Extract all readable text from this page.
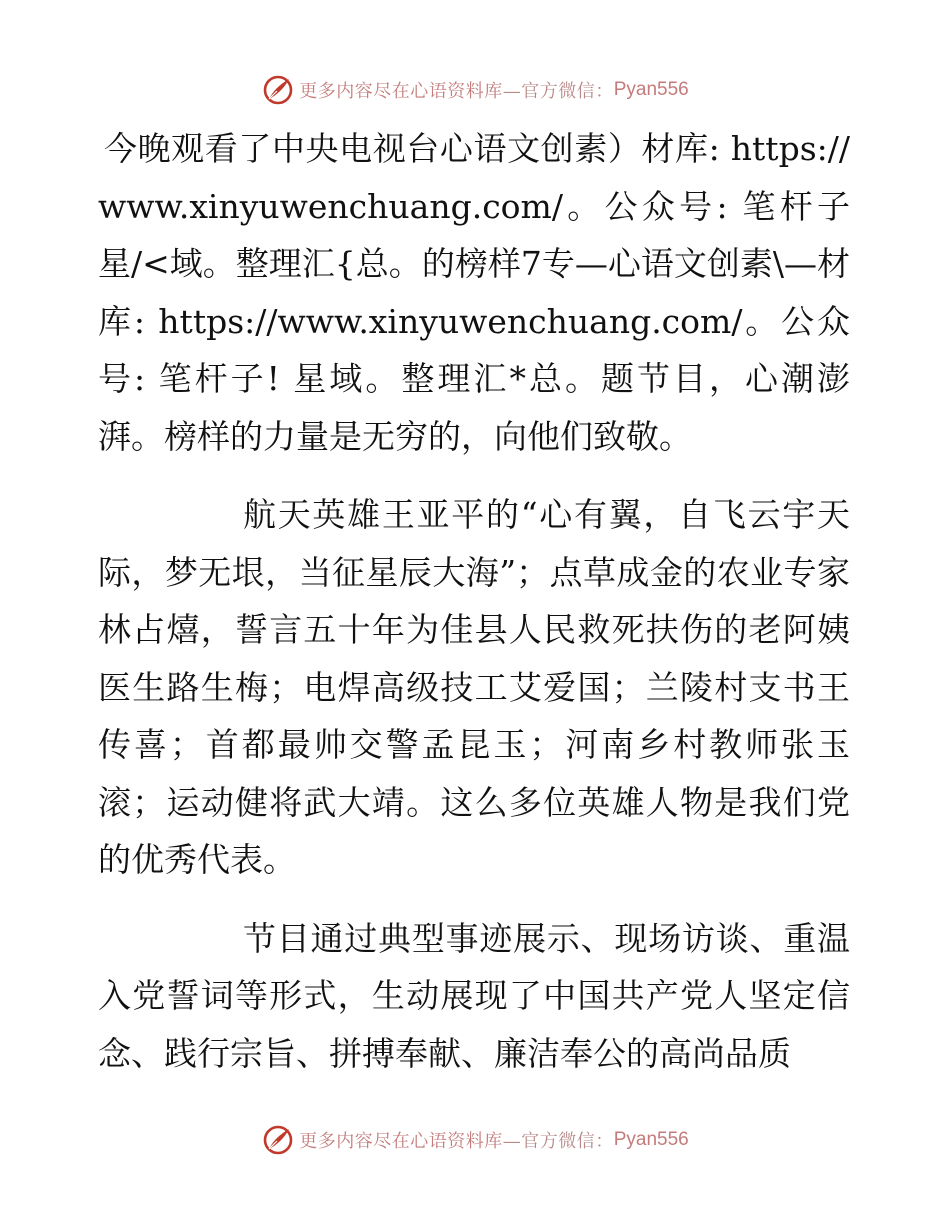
更多内容尽在心语资料库 —官方微信： Pyan556

今晚观看了中央电视台心语文创素）材库: https://www.xinyuwenchuang.com/。公众号: 笔杆子星/<域。整理汇{总。的榜样7专—心语文创素\—材库: https://www.xinyuwenchuang.com/。公众号: 笔杆子! 星域。整理汇*总。题节目，心潮澎湃。榜样的力量是无穷的，向他们致敬。

航天英雄王亚平的“心有翼，自飞云宇天际，梦无垠，当征星辰大海”；点草成金的农业专家林占熺，誓言五十年为佳县人民救死扶伤的老阿姨医生路生梅；电焊高级技工艾爱国；兰陵村支书王传喜；首都最帅交警孟昆玉；河南乡村教师张玉滚；运动健将武大靖。这么多位英雄人物是我们党的优秀代表。

节目通过典型事迹展示、现场访谈、重温入党誓词等形式，生动展现了中国共产党人坚定信念、践行宗旨、拼搏奉献、廉洁奉公的高尚品质

更多内容尽在心语资料库 —官方微信： Pyan556
